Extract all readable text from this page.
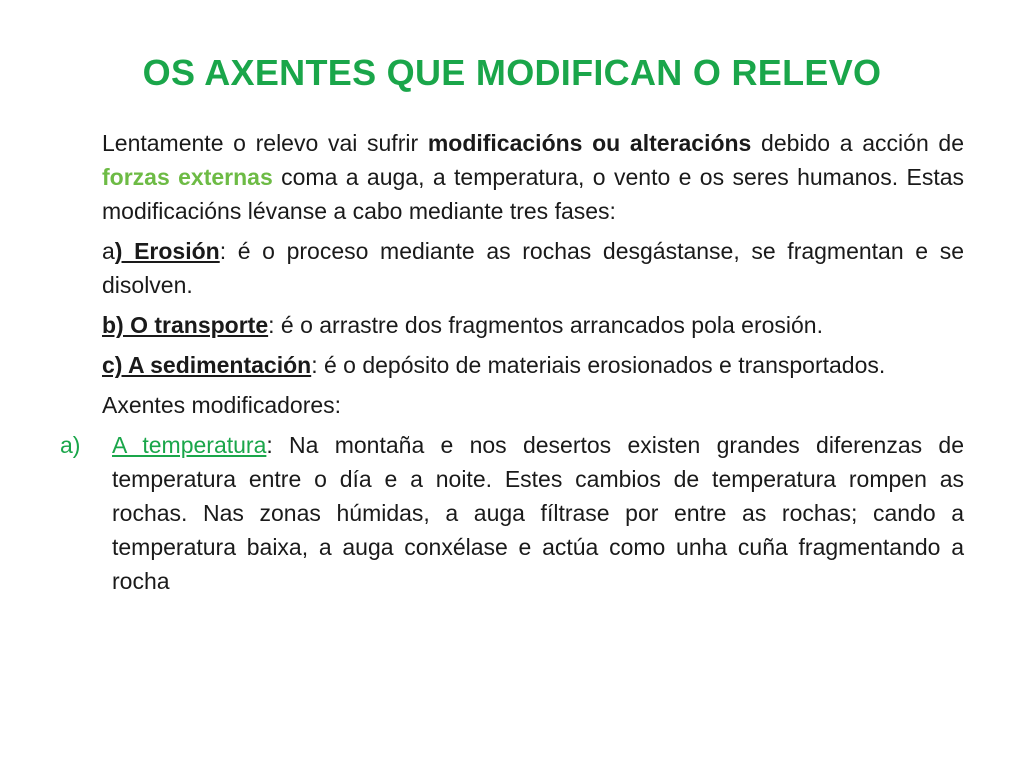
OS AXENTES QUE MODIFICAN O RELEVO

Lentamente o relevo vai sufrir modificacións ou alteracións debido a acción de forzas externas coma a auga, a temperatura, o vento e os seres humanos. Estas modificacións lévanse a cabo mediante tres fases:

a) Erosión: é o proceso mediante as rochas desgástanse, se fragmentan e se disolven.

b) O transporte: é o arrastre dos fragmentos arrancados pola erosión.

c) A sedimentación: é o depósito de materiais erosionados e transportados.

Axentes modificadores:

a) A temperatura: Na montaña e nos desertos existen grandes diferenzas de temperatura entre o día e a noite. Estes cambios de temperatura rompen as rochas. Nas zonas húmidas, a auga fíltrase por entre as rochas; cando a temperatura baixa, a auga conxélase e actúa como unha cuña fragmentando a rocha
